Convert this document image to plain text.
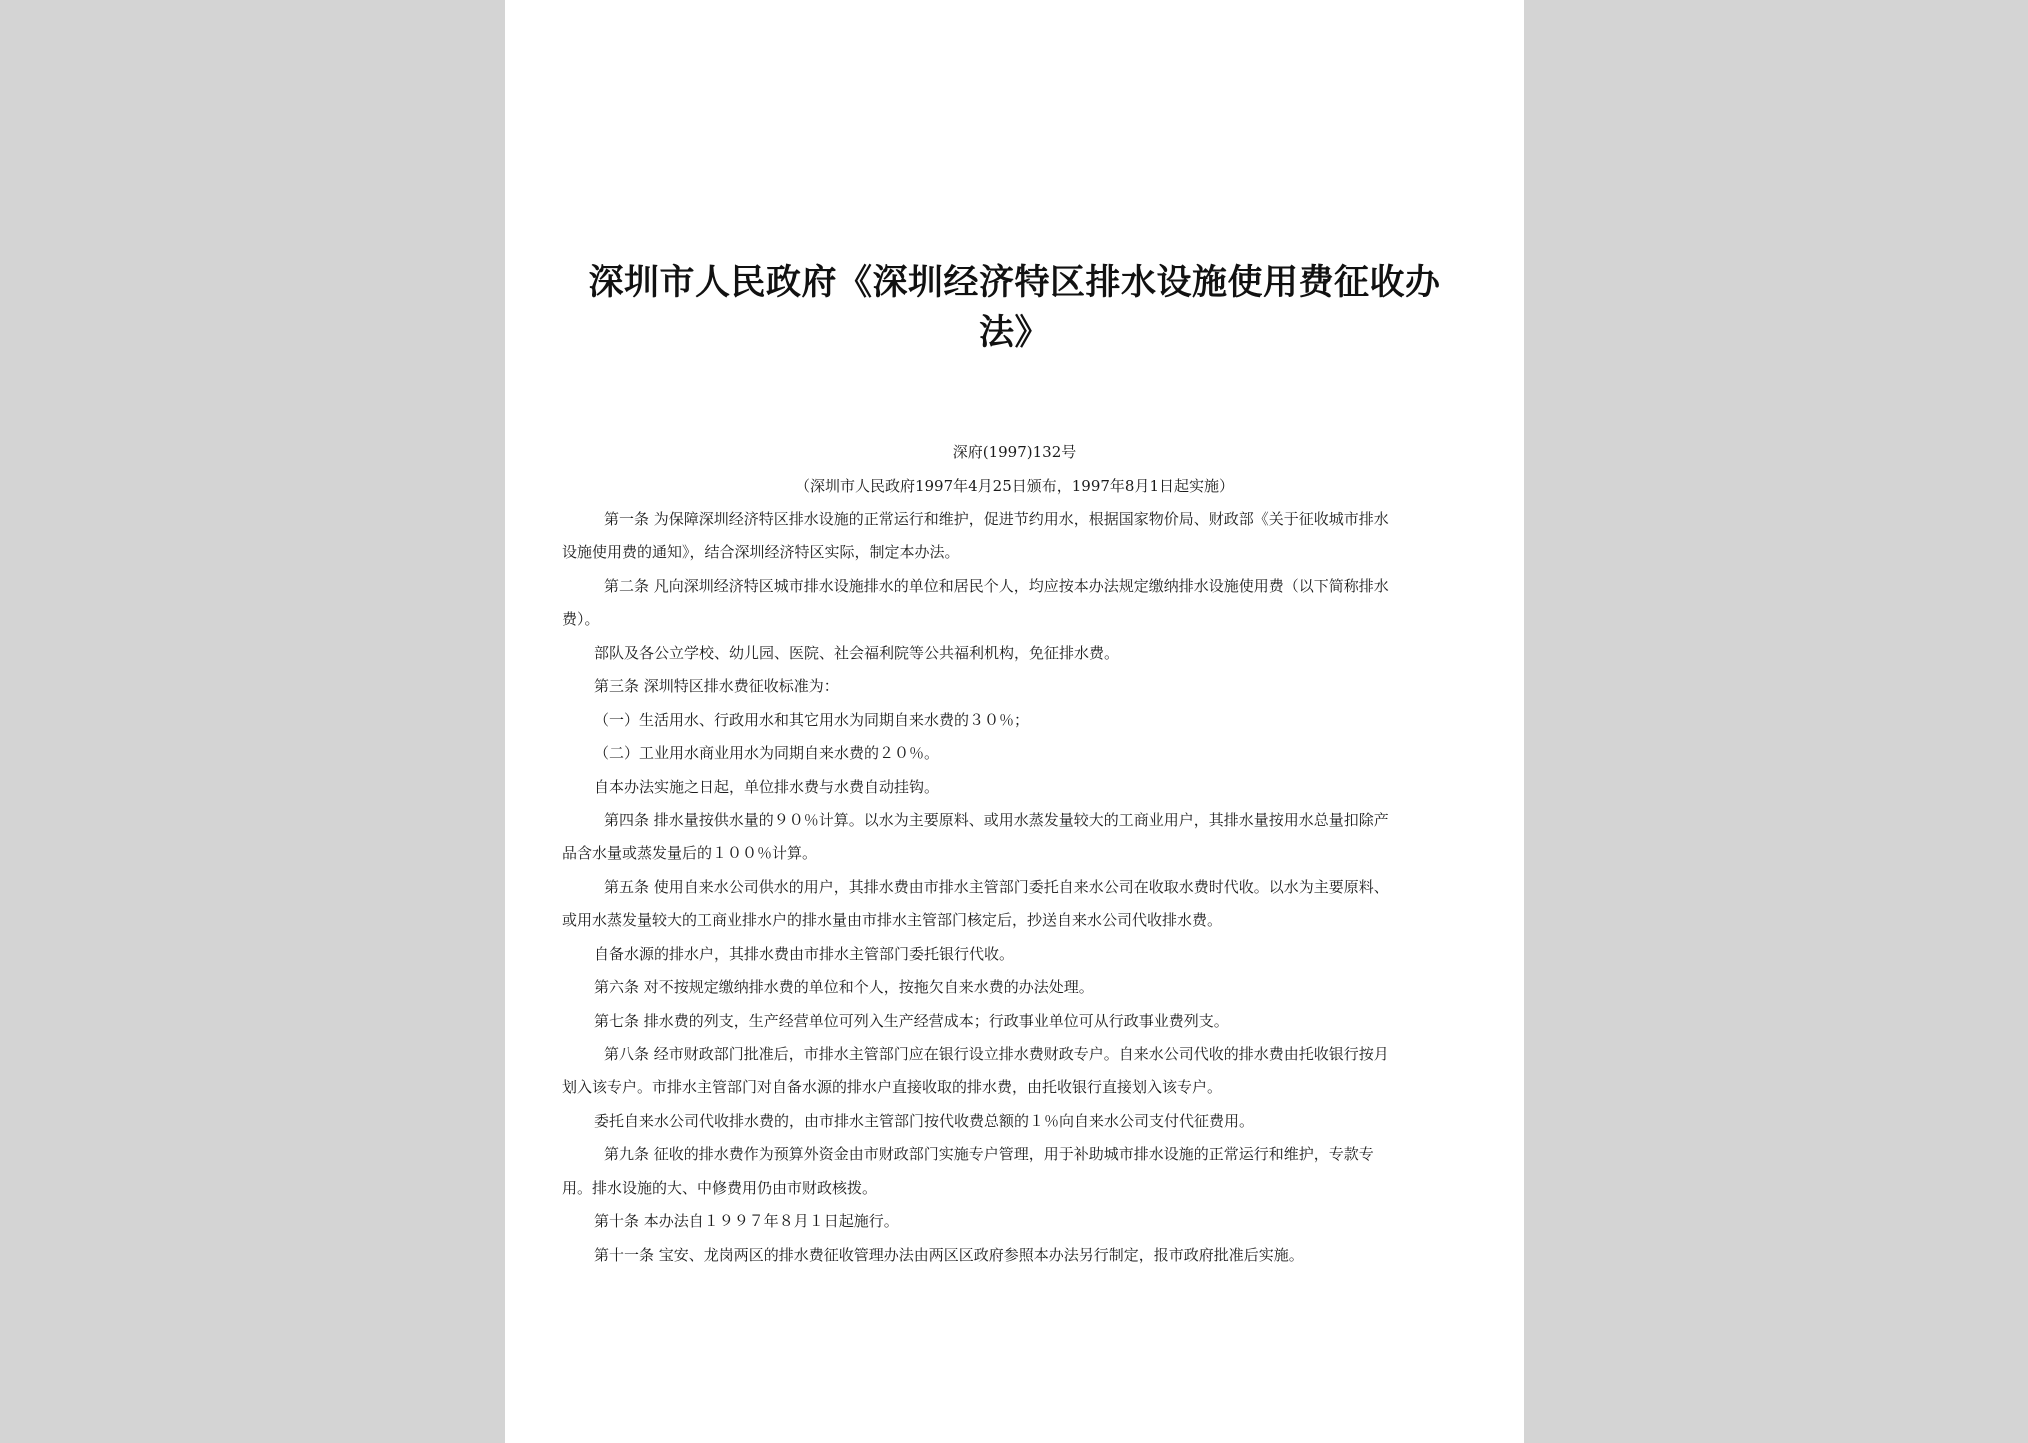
深圳市人民政府《深圳经济特区排水设施使用费征收办
法》
深府(1997)132号
（深圳市人民政府1997年4月25日颁布，1997年8月1日起实施）
第一条 为保障深圳经济特区排水设施的正常运行和维护，促进节约用水，根据国家物价局、财政部《关于征收城市排水
设施使用费的通知》，结合深圳经济特区实际，制定本办法。
第二条 凡向深圳经济特区城市排水设施排水的单位和居民个人，均应按本办法规定缴纳排水设施使用费（以下简称排水
费）。
部队及各公立学校、幼儿园、医院、社会福利院等公共福利机构，免征排水费。
第三条 深圳特区排水费征收标准为：
（一）生活用水、行政用水和其它用水为同期自来水费的３０％；
（二）工业用水商业用水为同期自来水费的２０％。
自本办法实施之日起，单位排水费与水费自动挂钩。
第四条 排水量按供水量的９０％计算。以水为主要原料、或用水蒸发量较大的工商业用户，其排水量按用水总量扣除产
品含水量或蒸发量后的１００％计算。
第五条 使用自来水公司供水的用户，其排水费由市排水主管部门委托自来水公司在收取水费时代收。以水为主要原料、
或用水蒸发量较大的工商业排水户的排水量由市排水主管部门核定后，抄送自来水公司代收排水费。
自备水源的排水户，其排水费由市排水主管部门委托银行代收。
第六条 对不按规定缴纳排水费的单位和个人，按拖欠自来水费的办法处理。
第七条 排水费的列支，生产经营单位可列入生产经营成本；行政事业单位可从行政事业费列支。
第八条 经市财政部门批准后，市排水主管部门应在银行设立排水费财政专户。自来水公司代收的排水费由托收银行按月
划入该专户。市排水主管部门对自备水源的排水户直接收取的排水费，由托收银行直接划入该专户。
委托自来水公司代收排水费的，由市排水主管部门按代收费总额的１％向自来水公司支付代征费用。
第九条 征收的排水费作为预算外资金由市财政部门实施专户管理，用于补助城市排水设施的正常运行和维护，专款专
用。排水设施的大、中修费用仍由市财政核拨。
第十条 本办法自１９９７年８月１日起施行。
第十一条 宝安、龙岗两区的排水费征收管理办法由两区区政府参照本办法另行制定，报市政府批准后实施。
